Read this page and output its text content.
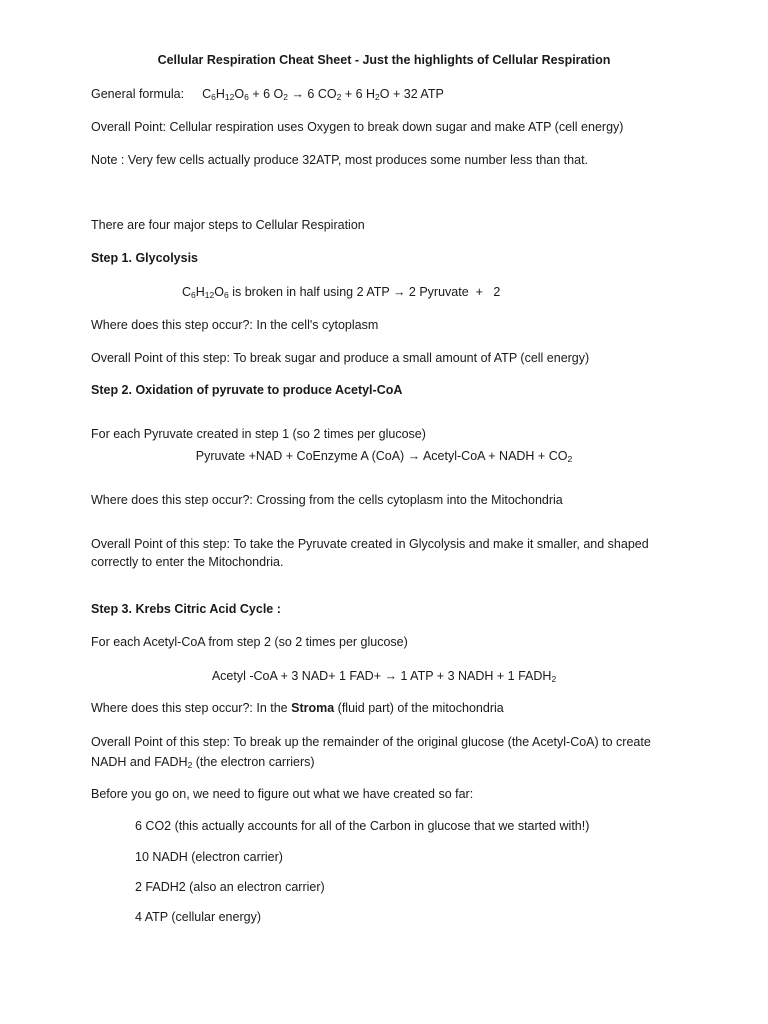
Cellular Respiration Cheat Sheet - Just the highlights of Cellular Respiration
General formula: $C_6H_{12}O_6 + 6$ $O_2 \to 6$ $CO_2 + 6$ $H_2O + 32$ ATP
Overall Point: Cellular respiration uses Oxygen to break down sugar and make ATP (cell energy)
Note : Very few cells actually produce 32ATP, most produces some number less than that.
There are four major steps to Cellular Respiration
Step 1. Glycolysis
$C_6H_{12}O_6$ is broken in half using 2 ATP → 2 Pyruvate  +   2
Where does this step occur?: In the cell's cytoplasm
Overall Point of this step: To break sugar and produce a small amount of ATP (cell energy)
Step 2. Oxidation of pyruvate to produce Acetyl-CoA
For each Pyruvate created in step 1 (so 2 times per glucose)
Pyruvate +NAD + CoEnzyme A (CoA) → Acetyl-CoA + NADH + $CO_2$
Where does this step occur?: Crossing from the cells cytoplasm into the Mitochondria
Overall Point of this step: To take the Pyruvate created in Glycolysis and make it smaller, and shaped correctly to enter the Mitochondria.
Step 3. Krebs Citric Acid Cycle :
For each Acetyl-CoA from step 2 (so 2 times per glucose)
Acetyl -CoA + 3 NAD+ 1 FAD+ → 1 ATP + 3 NADH + 1 $FADH_2$
Where does this step occur?: In the Stroma (fluid part) of the mitochondria
Overall Point of this step: To break up the remainder of the original glucose (the Acetyl-CoA) to create NADH and $FADH_2$ (the electron carriers)
Before you go on, we need to figure out what we have created so far:
6 CO2 (this actually accounts for all of the Carbon in glucose that we started with!)
10 NADH (electron carrier)
2 FADH2 (also an electron carrier)
4 ATP (cellular energy)
